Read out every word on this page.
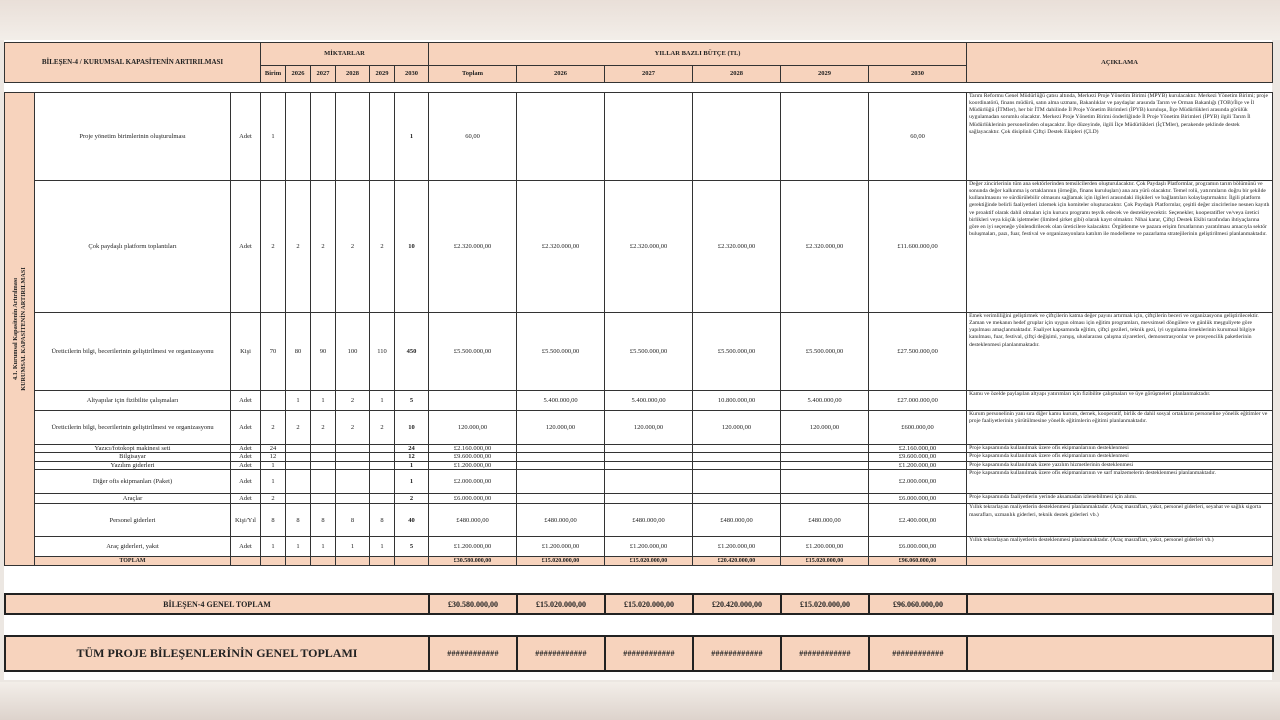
BİLEŞEN-4 / KURUMSAL KAPASİTENİN ARTIRILMASI			MİKTARLAR						YILLAR BAZLI BÜTÇE (TL)						AÇIKLAMA	
			Birim	2026	2027	2028	2029	2030	Toplam	2026	2027	2028	2029	2030	

4.1. Kurumsal Kapasitenin Artırılması KURUMSAL KAPASİTENİN ARTIRILMASI	Proje yönetim birimlerinin oluşturulması	Adet	1					1	60,00					60,00	Tarım Reformu Genel Müdürlüğü çatısı altında, Merkezi Proje Yönetim Birimi (MPYB) kurulacaktır. Merkezi Yönetim Birimi; proje koordinatörü, finans müdürü, satın alma uzmanı, Bakanlıklar ve paydaşlar arasında Tarım ve Orman Bakanlığı (TOB)/İlçe ve İl Müdürlüğü (İTMler), her bir İTM dahilinde İl Proje Yönetim Birimleri (İPYB) kuruluşu, İlçe Müdürlükleri arasında görülük uygulamadan sorumlu olacaktır. Merkezi Proje Yönetim Birimi önderliğinde İl Proje Yönetim Birimleri (İPYB) ilgili Tarım İl Müdürlüklerinin personelinden oluşacaktır. İlçe düzeyinde, ilgili İlçe Müdürlükleri (İçTMler), perakende şeklinde destek sağlayacaktır. Çok disiplinli Çiftçi Destek Ekipleri (ÇLD)	
	Çok paydaşlı platform toplantıları	Adet	2	2	2	2	2	10	£2.320.000,00	£2.320.000,00	£2.320.000,00	£2.320.000,00	£2.320.000,00	£11.600.000,00	Değer zincirlerinin tüm ana sektörlerinden temsilcilerden oluşturulacaktır. Çok Paydaşlı Platformlar, programın tarım bölümünü ve sonunda değer kalkınma iş ortaklarının (örneğin, finans kuruluşları) ana ara yürü olacaktır. Temel rolü, yatırımların doğru bir şekilde kullanılmasını ve sürdürülebilir olmasını sağlamak için ilgileri arasındaki ilişkileri ve bağlantıları kolaylaştırmaktır. İlgili platform gerektiğinde belirli faaliyetleri izlemek için komiteler oluşturacaktır. Çok Paydaşlı Platformlar, çeşitli değer zincirlerine nesnen kayıtlı ve proaktif olarak dahil olmaları için kurucu programı teşvik edecek ve destekleyecektir. Seçenekler, kooperatifler ve/veya üretici birlikleri veya küçük işletmeler (limited şirket gibi) olarak kayıt olmaktır. Nihai karar, Çiftçi Destek Ekibi tarafından ihtiyaçlarına göre en iyi seçeneğe yönlendirilecek olan üreticilere kalacaktır. Örgütlenme ve pazara erişim fırsatlarının yaratılması amacıyla sektör buluşmaları, pazı, fuar, festival ve organizasyonlara katılım ile modelleme ve pazarlama stratejilerinin geliştirilmesi planlanmaktadır.	
	Üreticilerin bilgi, becerilerinin geliştirilmesi ve organizasyonu	Kişi	70	80	90	100	110	450	£5.500.000,00	£5.500.000,00	£5.500.000,00	£5.500.000,00	£5.500.000,00	£27.500.000,00	Emek verimliliğini geliştirmek ve çiftçilerin katma değer payını artırmak için, çiftçilerin beceri ve organizasyonu geliştirilecektir. Zaman ve mekanın hedef gruplar için uygun olması için eğitim programları, mevsimsel döngülere ve günlük meşguliyete göre yapılması amaçlanmaktadır. Faaliyet kapsamında eğitim, çiftçi gezileri, teknik gezi, iyi uygulama örneklerinin kurumsal bilgiye kanılması, fuar, festival, çiftçi değişimi, yarışış, uluslararası çalışma ziyaretleri, demonstrasyonlar ve prosyencilik paketlerinin desteklenmesi planlanmaktadır.	
	Altyapılar için fizibilite çalışmaları	Adet		1	1	2	1	5		5.400.000,00	5.400.000,00	10.800.000,00	5.400.000,00	£27.000.000,00	Kamu ve özelde paylaşılan altyapı yatırımları için fizibilite çalışmaları ve üye görüşmeleri planlanmaktadır.	
	Üreticilerin bilgi, becerilerinin geliştirilmesi ve organizasyonu	Adet	2	2	2	2	2	10	120.000,00	120.000,00	120.000,00	120.000,00	120.000,00	£600.000,00	Kurum personelinin yanı sıra diğer kamu kurum, dernek, kooperatif, birlik de dahil sosyal ortakların personeline yönelik eğitimler ve proje faaliyetlerinin yürütülmesine yönelik eğitimlerin eğitimi planlanmaktadır.	
	Yazıcı/fotokopi makinesi seti	Adet	24					24	£2.160.000,00					£2.160.000,00	Proje kapsamında kullanılmak üzere ofis ekipmanlarının desteklenmesi	
	Bilgisayar	Adet	12					12	£9.600.000,00					£9.600.000,00	Proje kapsamında kullanılmak üzere ofis ekipmanlarının desteklenmesi	
	Yazılım giderleri	Adet	1					1	£1.200.000,00					£1.200.000,00	Proje kapsamında kullanılmak üzere yazılım hizmetlerinin desteklenmesi	
	Diğer ofis ekipmanları (Paket)	Adet	1					1	£2.000.000,00					£2.000.000,00	Proje kapsamında kullanılmak üzere ofis ekipmanlarının ve sarf malzemelerin desteklenmesi planlanmaktadır.	
	Araçlar	Adet	2					2	£6.000.000,00					£6.000.000,00	Proje kapsamında faaliyetlerin yerinde aksamadan izlenebilmesi için alımı.	
	Personel giderleri	Kişi/Yıl	8	8	8	8	8	40	£480.000,00	£480.000,00	£480.000,00	£480.000,00	£480.000,00	£2.400.000,00	Yıllık tekrarlayan maliyetlerin desteklenmesi planlanmaktadır. (Araç masrafları, yakıt, personel giderleri, seyahat ve sağlık sigorta masrafları, uzmanlık giderleri, teknik destek giderleri vb.)	
	Araç giderleri, yakıt	Adet	1	1	1	1	1	5	£1.200.000,00	£1.200.000,00	£1.200.000,00	£1.200.000,00	£1.200.000,00	£6.000.000,00	Yıllık tekrarlayan maliyetlerin desteklenmesi planlanmaktadır. (Araç masrafları, yakıt, personel giderleri vb.)	
	TOPLAM								£30.580.000,00	£15.020.000,00	£15.020.000,00	£20.420.000,00	£15.020.000,00	£96.060.000,00		
BİLEŞEN-4 GENEL TOPLAM	£30.580.000,00	£15.020.000,00	£15.020.000,00	£20.420.000,00	£15.020.000,00	£96.060.000,00	
TÜM PROJE BİLEŞENLERİNİN GENEL TOPLAMI	############	############	############	############	############	############	
